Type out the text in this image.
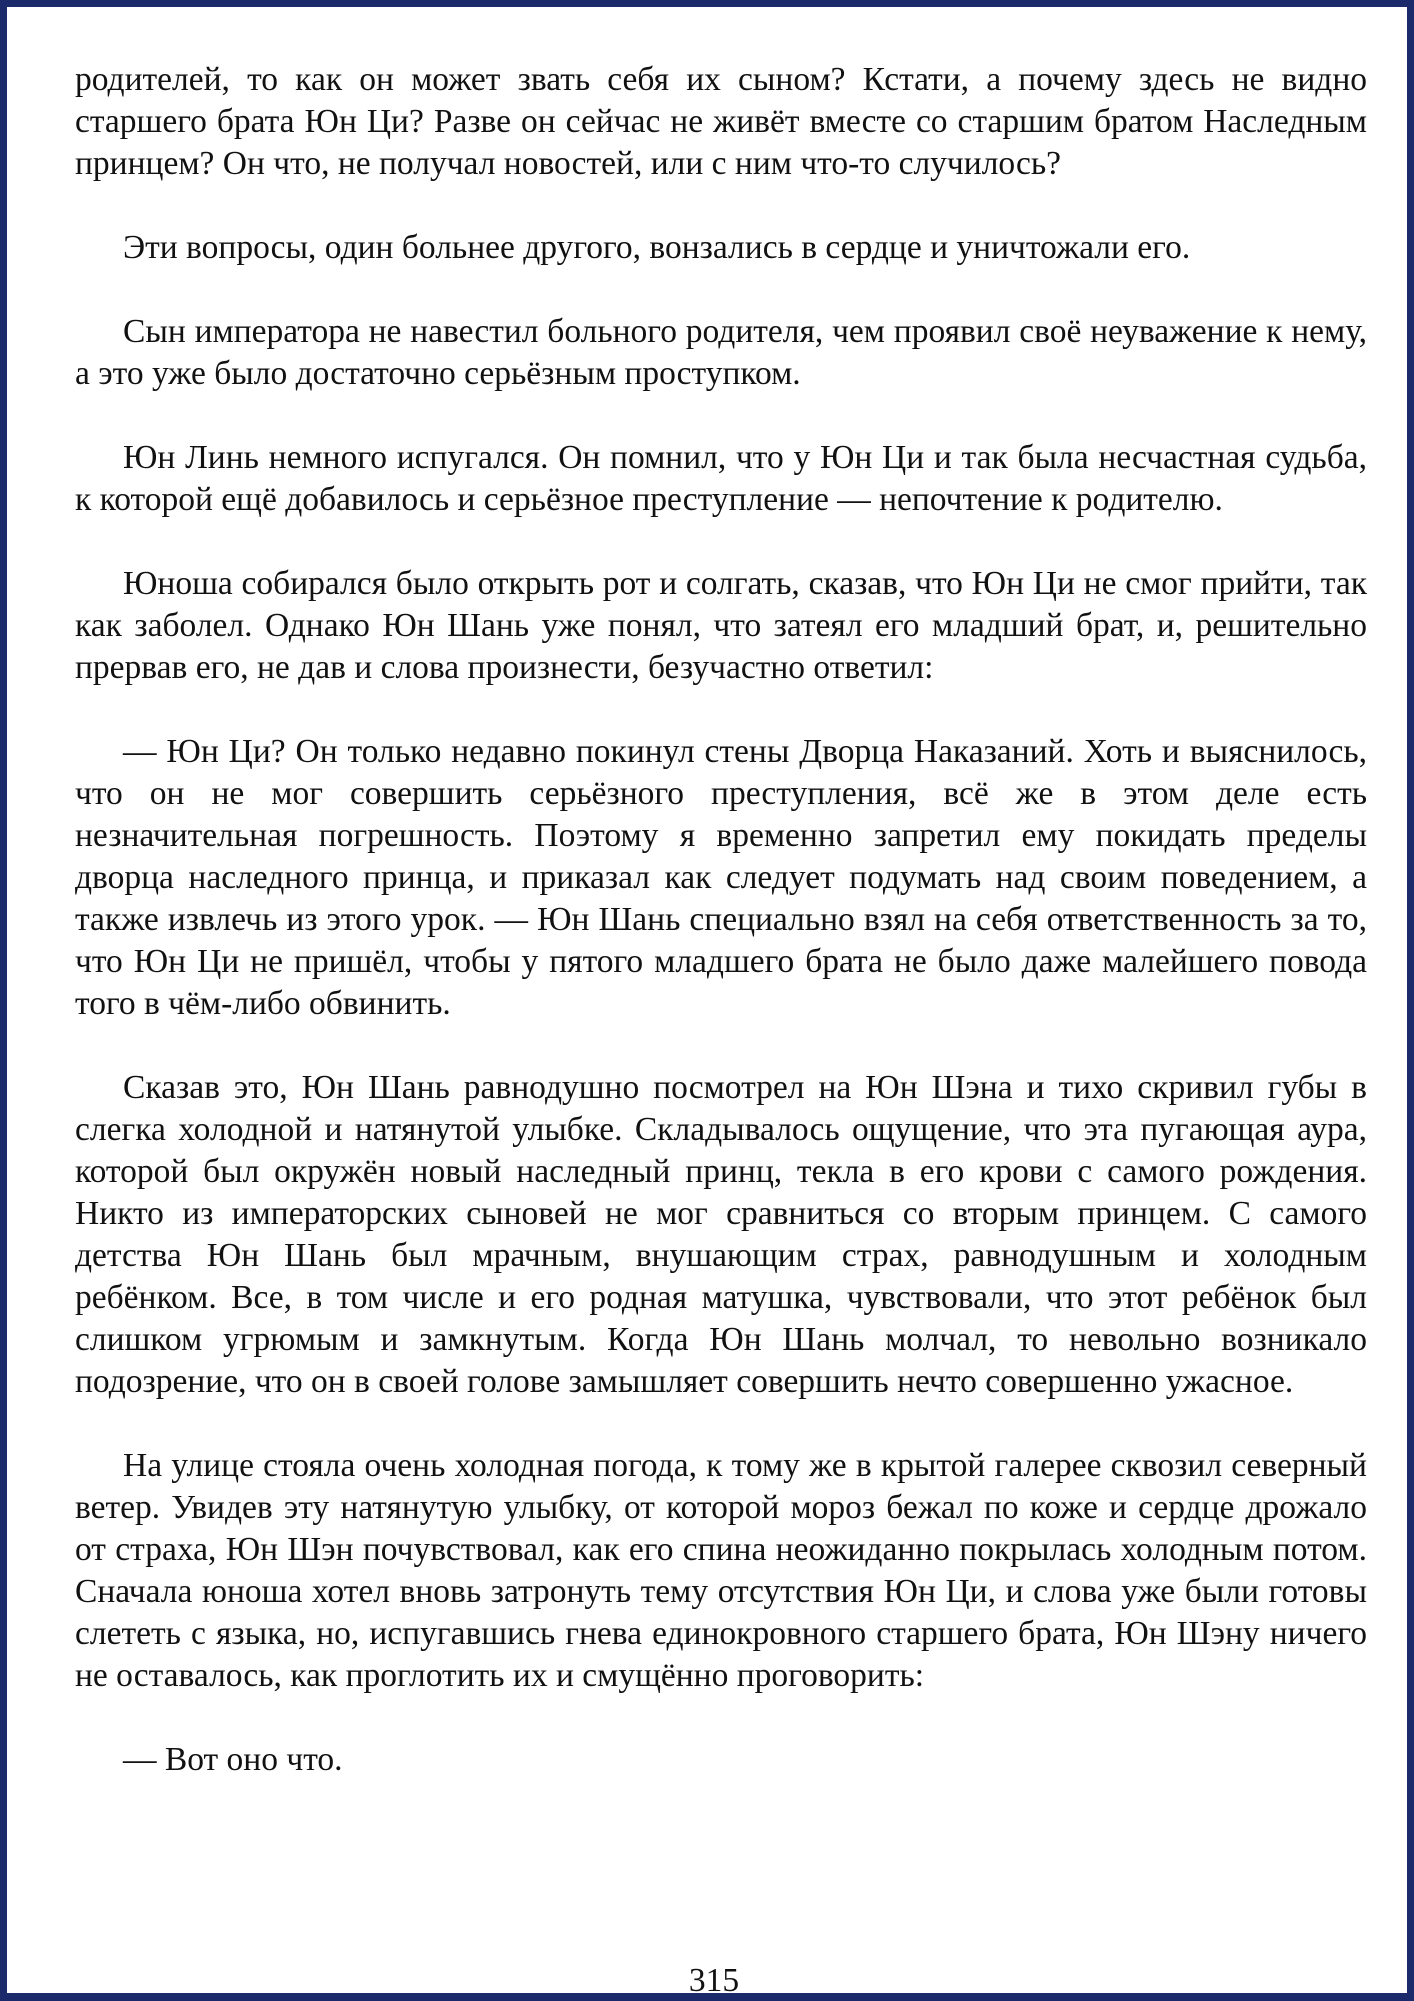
родителей, то как он может звать себя их сыном? Кстати, а почему здесь не видно старшего брата Юн Ци? Разве он сейчас не живёт вместе со старшим братом Наследным принцем? Он что, не получал новостей, или с ним что-то случилось?

Эти вопросы, один больнее другого, вонзались в сердце и уничтожали его.

Сын императора не навестил больного родителя, чем проявил своё неуважение к нему, а это уже было достаточно серьёзным проступком.

Юн Линь немного испугался. Он помнил, что у Юн Ци и так была несчастная судьба, к которой ещё добавилось и серьёзное преступление — непочтение к родителю.

Юноша собирался было открыть рот и солгать, сказав, что Юн Ци не смог прийти, так как заболел. Однако Юн Шань уже понял, что затеял его младший брат, и, решительно прервав его, не дав и слова произнести, безучастно ответил:

— Юн Ци? Он только недавно покинул стены Дворца Наказаний. Хоть и выяснилось, что он не мог совершить серьёзного преступления, всё же в этом деле есть незначительная погрешность. Поэтому я временно запретил ему покидать пределы дворца наследного принца, и приказал как следует подумать над своим поведением, а также извлечь из этого урок. — Юн Шань специально взял на себя ответственность за то, что Юн Ци не пришёл, чтобы у пятого младшего брата не было даже малейшего повода того в чём-либо обвинить.

Сказав это, Юн Шань равнодушно посмотрел на Юн Шэна и тихо скривил губы в слегка холодной и натянутой улыбке. Складывалось ощущение, что эта пугающая аура, которой был окружён новый наследный принц, текла в его крови с самого рождения. Никто из императорских сыновей не мог сравниться со вторым принцем. С самого детства Юн Шань был мрачным, внушающим страх, равнодушным и холодным ребёнком. Все, в том числе и его родная матушка, чувствовали, что этот ребёнок был слишком угрюмым и замкнутым. Когда Юн Шань молчал, то невольно возникало подозрение, что он в своей голове замышляет совершить нечто совершенно ужасное.

На улице стояла очень холодная погода, к тому же в крытой галерее сквозил северный ветер. Увидев эту натянутую улыбку, от которой мороз бежал по коже и сердце дрожало от страха, Юн Шэн почувствовал, как его спина неожиданно покрылась холодным потом. Сначала юноша хотел вновь затронуть тему отсутствия Юн Ци, и слова уже были готовы слететь с языка, но, испугавшись гнева единокровного старшего брата, Юн Шэну ничего не оставалось, как проглотить их и смущённо проговорить:

— Вот оно что.

315
